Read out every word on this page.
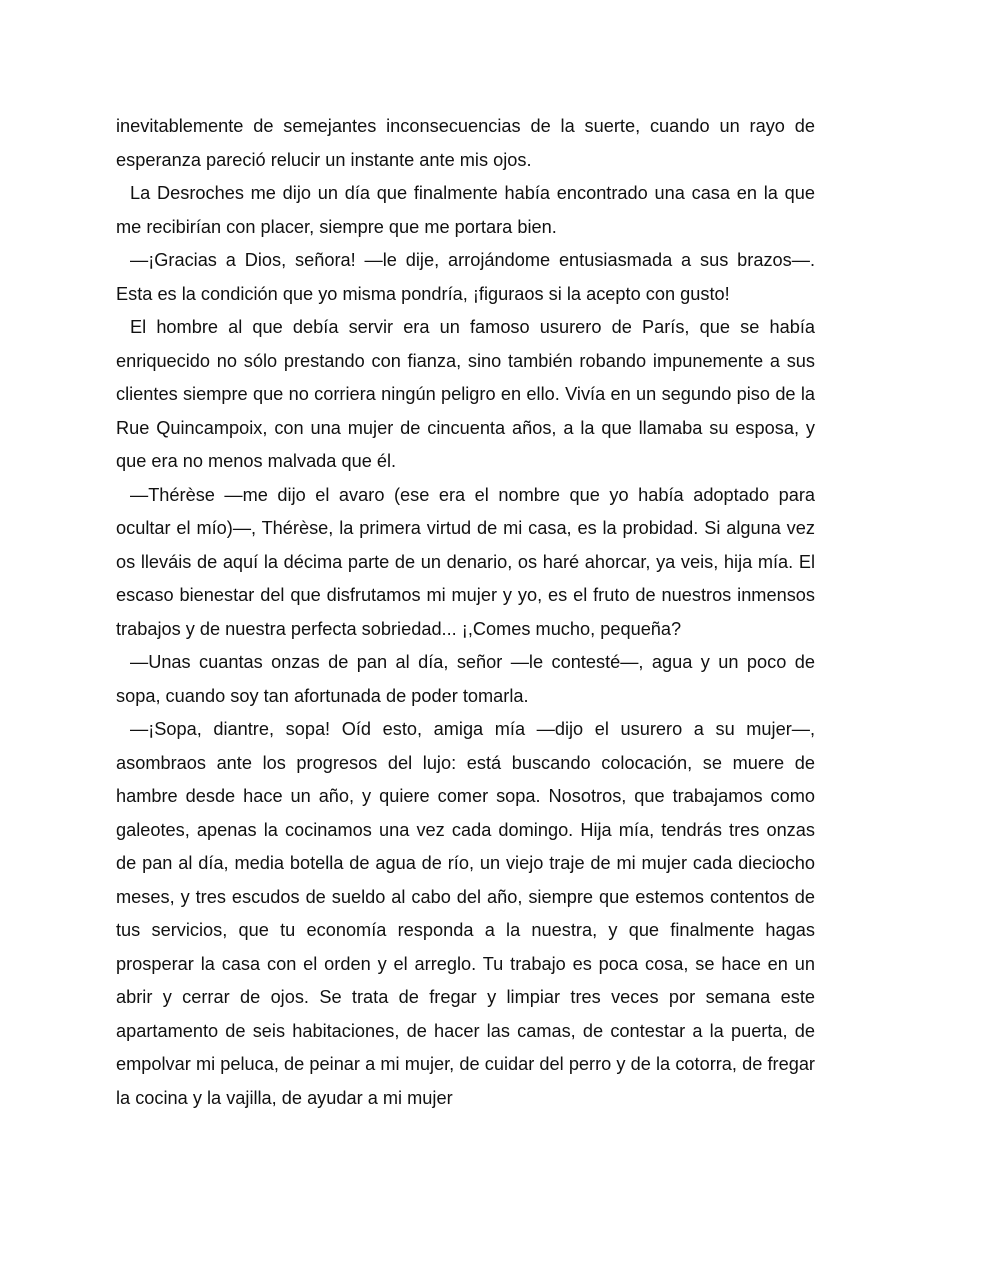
inevitablemente de semejantes inconsecuencias de la suerte, cuando un rayo de esperanza pareció relucir un instante ante mis ojos.

La Desroches me dijo un día que finalmente había encontrado una casa en la que me recibirían con placer, siempre que me portara bien.

—¡Gracias a Dios, señora! —le dije, arrojándome entusiasmada a sus brazos—. Esta es la condición que yo misma pondría, ¡figuraos si la acepto con gusto!

El hombre al que debía servir era un famoso usurero de París, que se había enriquecido no sólo prestando con fianza, sino también robando impunemente a sus clientes siempre que no corriera ningún peligro en ello. Vivía en un segundo piso de la Rue Quincampoix, con una mujer de cincuenta años, a la que llamaba su esposa, y que era no menos malvada que él.

—Thérèse —me dijo el avaro (ese era el nombre que yo había adoptado para ocultar el mío)—, Thérèse, la primera virtud de mi casa, es la probidad. Si alguna vez os lleváis de aquí la décima parte de un denario, os haré ahorcar, ya veis, hija mía. El escaso bienestar del que disfrutamos mi mujer y yo, es el fruto de nuestros inmensos trabajos y de nuestra perfecta sobriedad... ¡,Comes mucho, pequeña?

—Unas cuantas onzas de pan al día, señor —le contesté—, agua y un poco de sopa, cuando soy tan afortunada de poder tomarla.

—¡Sopa, diantre, sopa! Oíd esto, amiga mía —dijo el usurero a su mujer—, asombraos ante los progresos del lujo: está buscando colocación, se muere de hambre desde hace un año, y quiere comer sopa. Nosotros, que trabajamos como galeotes, apenas la cocinamos una vez cada domingo. Hija mía, tendrás tres onzas de pan al día, media botella de agua de río, un viejo traje de mi mujer cada dieciocho meses, y tres escudos de sueldo al cabo del año, siempre que estemos contentos de tus servicios, que tu economía responda a la nuestra, y que finalmente hagas prosperar la casa con el orden y el arreglo. Tu trabajo es poca cosa, se hace en un abrir y cerrar de ojos. Se trata de fregar y limpiar tres veces por semana este apartamento de seis habitaciones, de hacer las camas, de contestar a la puerta, de empolvar mi peluca, de peinar a mi mujer, de cuidar del perro y de la cotorra, de fregar la cocina y la vajilla, de ayudar a mi mujer
